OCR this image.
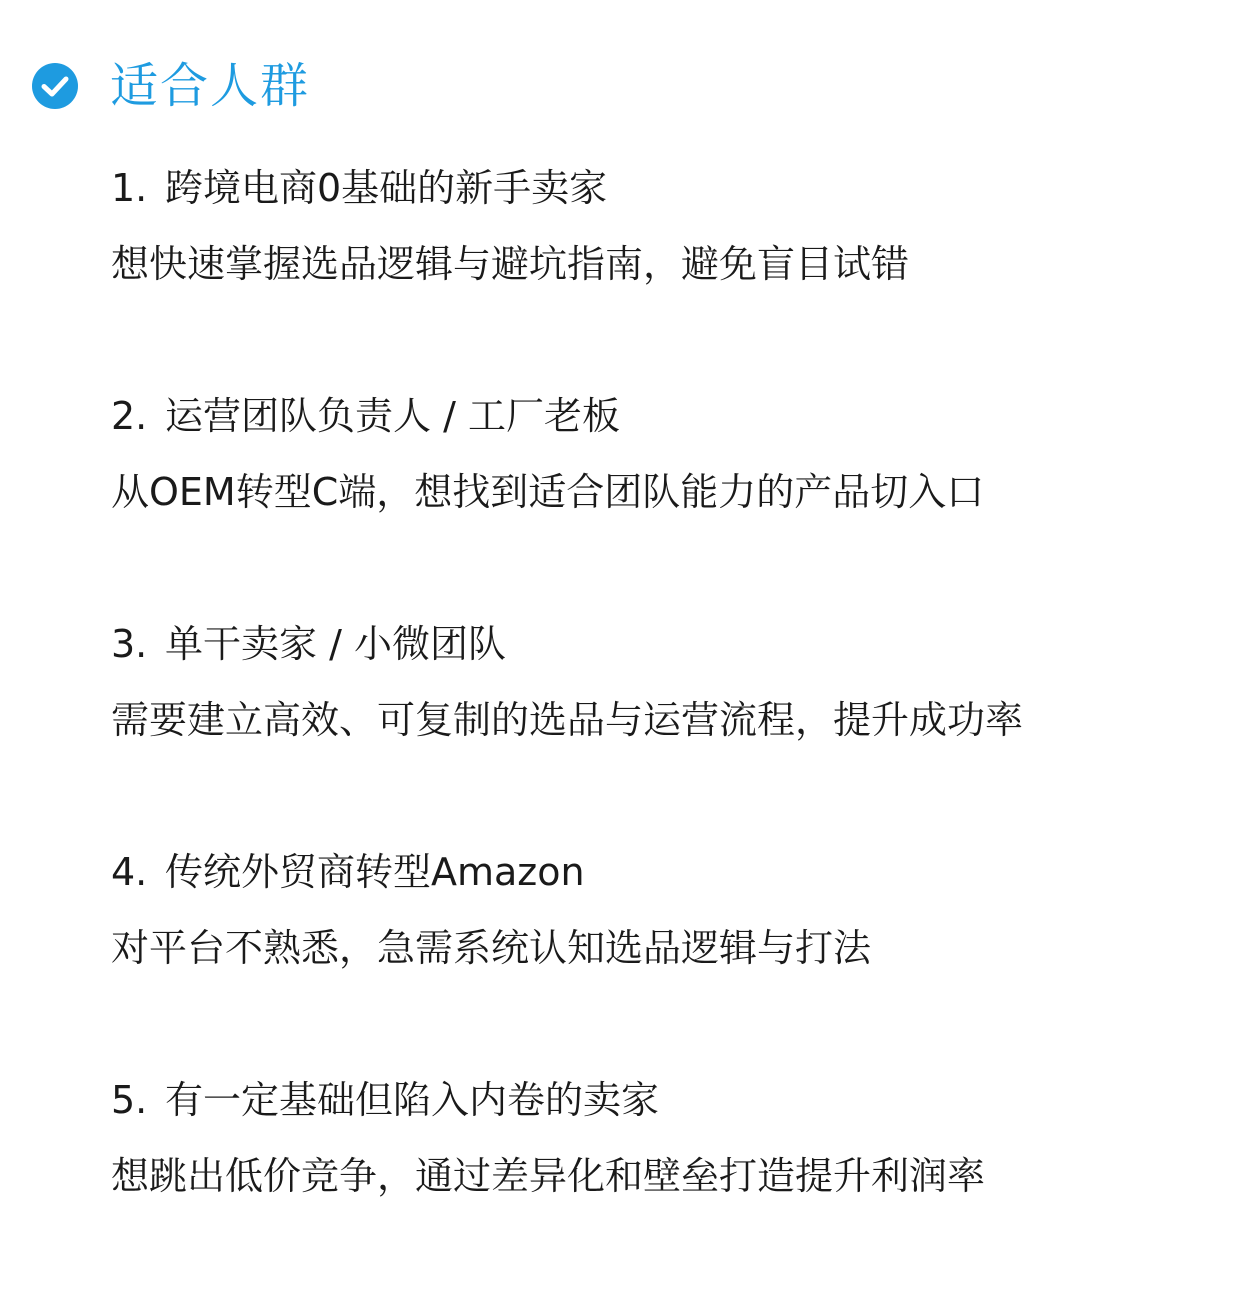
适合人群
1. 跨境电商0基础的新手卖家
想快速掌握选品逻辑与避坑指南，避免盲目试错
2. 运营团队负责人 / 工厂老板
从OEM转型C端，想找到适合团队能力的产品切入口
3. 单干卖家 / 小微团队
需要建立高效、可复制的选品与运营流程，提升成功率
4. 传统外贸商转型Amazon
对平台不熟悉，急需系统认知选品逻辑与打法
5. 有一定基础但陷入内卷的卖家
想跳出低价竞争，通过差异化和壁垒打造提升利润率
